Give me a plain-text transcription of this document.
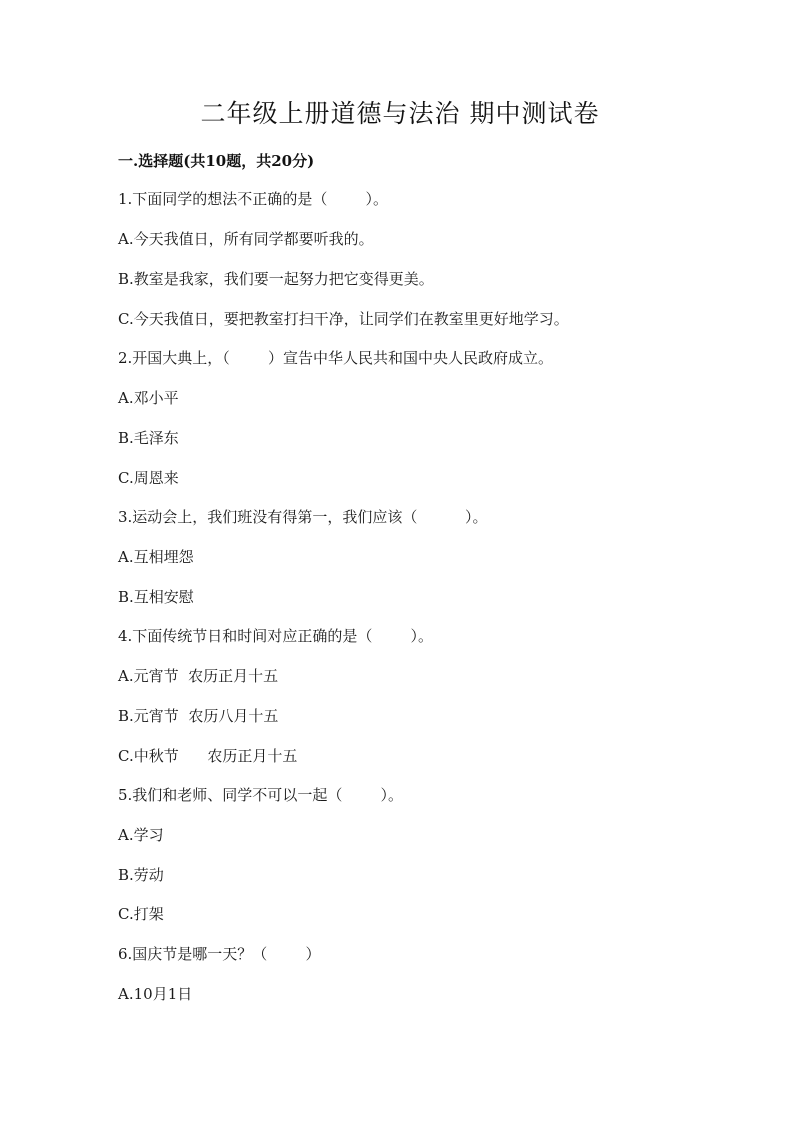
二年级上册道德与法治 期中测试卷
一.选择题(共10题，共20分)
1.下面同学的想法不正确的是（        ）。
A.今天我值日，所有同学都要听我的。
B.教室是我家，我们要一起努力把它变得更美。
C.今天我值日，要把教室打扫干净，让同学们在教室里更好地学习。
2.开国大典上，（        ）宣告中华人民共和国中央人民政府成立。
A.邓小平
B.毛泽东
C.周恩来
3.运动会上，我们班没有得第一，我们应该（          ）。
A.互相埋怨
B.互相安慰
4.下面传统节日和时间对应正确的是（        ）。
A.元宵节  农历正月十五
B.元宵节  农历八月十五
C.中秋节      农历正月十五
5.我们和老师、同学不可以一起（        ）。
A.学习
B.劳动
C.打架
6.国庆节是哪一天？（        ）
A.10月1日
